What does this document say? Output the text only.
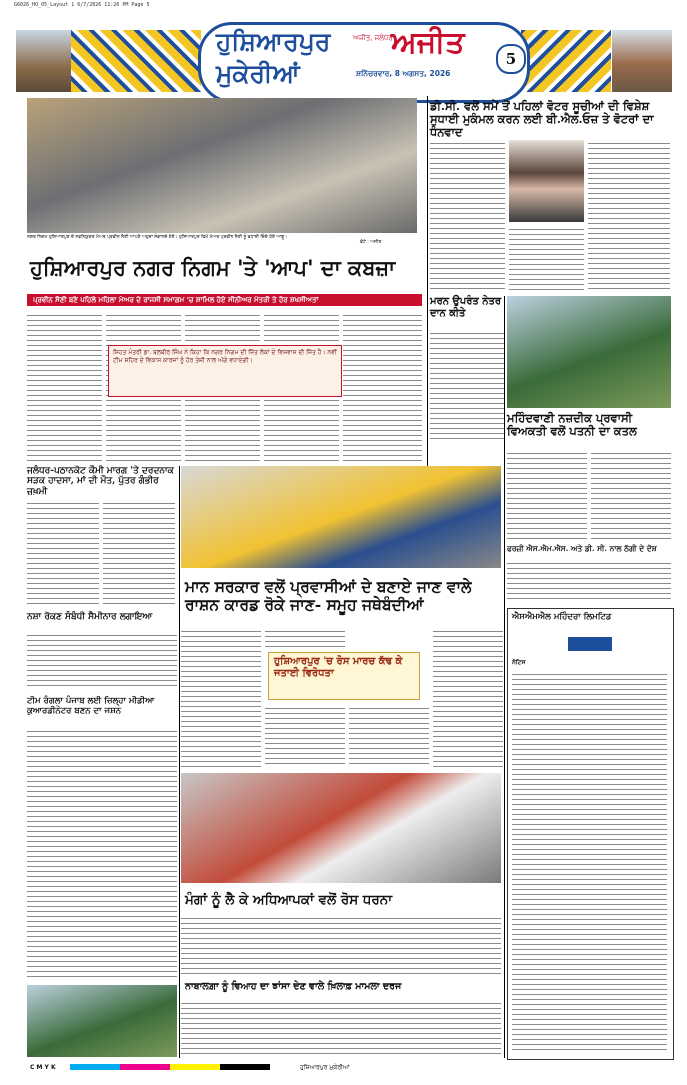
G6026_HO_05_Layout 1 6/7/2026 11:26 PM Page 5
ਹੁਸ਼ਿਆਰਪੁਰ
ਮੁਕੇਰੀਆਂ
ਅਜੀਤ, ਜਲੰਧਰ
ਅਜੀਤ
ਸ਼ਨਿੱਚਰਵਾਰ, 8 ਅਗਸਤ, 2026
5
ਨਗਰ ਨਿਗਮ ਹੁਸ਼ਿਆਰਪੁਰ ਦੇ ਨਵਨਿਯੁਕਤ ਮੇਅਰ ਪ੍ਰਵੀਨ ਸੈਣੀ ਆਪਣੇ ਅਹੁਦਾ ਸੰਭਾਲਦੇ ਹੋਏ। ਹੁਸ਼ਿਆਰਪੁਰ ਵਿਖੇ ਮੇਅਰ ਪ੍ਰਵੀਨ ਸੈਣੀ ਨੂੰ ਵਧਾਈ ਦਿੰਦੇ ਹੋਏ ਆਗੂ।
ਫੋਟੋ : ਅਜੀਤ
ਹੁਸ਼ਿਆਰਪੁਰ ਨਗਰ ਨਿਗਮ 'ਤੇ 'ਆਪ' ਦਾ ਕਬਜ਼ਾ
ਪ੍ਰਵੀਨ ਸੈਣੀ ਬਣੇ ਪਹਿਲੇ ਮਹਿਲਾ ਮੇਅਰ ਦੇ ਰਾਜਸੀ ਸਮਾਗਮ 'ਚ ਸ਼ਾਮਿਲ ਹੋਏ ਸੀਨੀਅਰ ਮੰਤਰੀ ਤੇ ਹੋਰ ਸ਼ਖਸੀਅਤਾਂ
ਸਿਹਤ ਮੰਤਰੀ ਡਾ. ਬਲਬੀਰ ਸਿੰਘ ਨੇ ਕਿਹਾ ਕਿ ਨਗਰ ਨਿਗਮ ਦੀ ਜਿੱਤ ਲੋਕਾਂ ਦੇ ਵਿਸ਼ਵਾਸ ਦੀ ਜਿੱਤ ਹੈ। ਨਵੀਂ ਟੀਮ ਸ਼ਹਿਰ ਦੇ ਵਿਕਾਸ ਕਾਰਜਾਂ ਨੂੰ ਹੋਰ ਤੇਜ਼ੀ ਨਾਲ ਅੱਗੇ ਵਧਾਏਗੀ।
ਡੀ.ਸੀ. ਵਲੋਂ ਸਮੇਂ ਤੋਂ ਪਹਿਲਾਂ ਵੋਟਰ ਸੂਚੀਆਂ ਦੀ ਵਿਸ਼ੇਸ਼ ਸੁਧਾਈ ਮੁਕੰਮਲ ਕਰਨ ਲਈ ਬੀ.ਐਲ.ਓਜ਼ ਤੇ ਵੋਟਰਾਂ ਦਾ ਧੰਨਵਾਦ
ਮਰਨ ਉਪਰੰਤ ਨੇਤਰ ਦਾਨ ਕੀਤੇ
ਮਹਿੰਦਵਾਣੀ ਨਜ਼ਦੀਕ ਪ੍ਰਵਾਸੀ ਵਿਅਕਤੀ ਵਲੋਂ ਪਤਨੀ ਦਾ ਕਤਲ
ਫਰਜ਼ੀ ਐਸ.ਐਮ.ਐਸ. ਅਤੇ ਡੀ. ਸੀ. ਨਾਲ ਠੱਗੀ ਦੇ ਦੋਸ਼
ਜਲੰਧਰ-ਪਠਾਨਕੋਟ ਕੌਮੀ ਮਾਰਗ 'ਤੇ ਦਰਦਨਾਕ ਸੜਕ ਹਾਦਸਾ, ਮਾਂ ਦੀ ਮੌਤ, ਪੁੱਤਰ ਗੰਭੀਰ ਜ਼ਖ਼ਮੀ
ਨਸ਼ਾ ਰੋਕਣ ਸੰਬੰਧੀ ਸੈਮੀਨਾਰ ਲਗਾਇਆ
ਟੀਮ ਰੰਗਲਾ ਪੰਜਾਬ ਲਈ ਜ਼ਿਲ੍ਹਾ ਮੀਡੀਆ ਕੁਆਰਡੀਨੇਟਰ ਬਣਨ ਦਾ ਜਸ਼ਨ
ਮਾਨ ਸਰਕਾਰ ਵਲੋਂ ਪ੍ਰਵਾਸੀਆਂ ਦੇ ਬਣਾਏ ਜਾਣ ਵਾਲੇ ਰਾਸ਼ਨ ਕਾਰਡ ਰੋਕੇ ਜਾਣ- ਸਮੂਹ ਜਥੇਬੰਦੀਆਂ
ਹੁਸ਼ਿਆਰਪੁਰ 'ਚ ਰੋਸ ਮਾਰਚ ਕੱਢ ਕੇ ਜਤਾਈ ਵਿਰੋਧਤਾ
ਐਸਐਮਐਲ ਮਹਿੰਦਰਾ ਲਿਮਟਿਡ
ਨੋਟਿਸ
ਮੰਗਾਂ ਨੂੰ ਲੈ ਕੇ ਅਧਿਆਪਕਾਂ ਵਲੋਂ ਰੋਸ ਧਰਨਾ
ਨਾਬਾਲਗ਼ਾ ਨੂੰ ਵਿਆਹ ਦਾ ਝਾਂਸਾ ਦੇਣ ਵਾਲੇ ਖ਼ਿਲਾਫ਼ ਮਾਮਲਾ ਦਰਜ
C M Y K	ਹੁਸ਼ਿਆਰਪੁਰ ਮੁਕੇਰੀਆਂ
